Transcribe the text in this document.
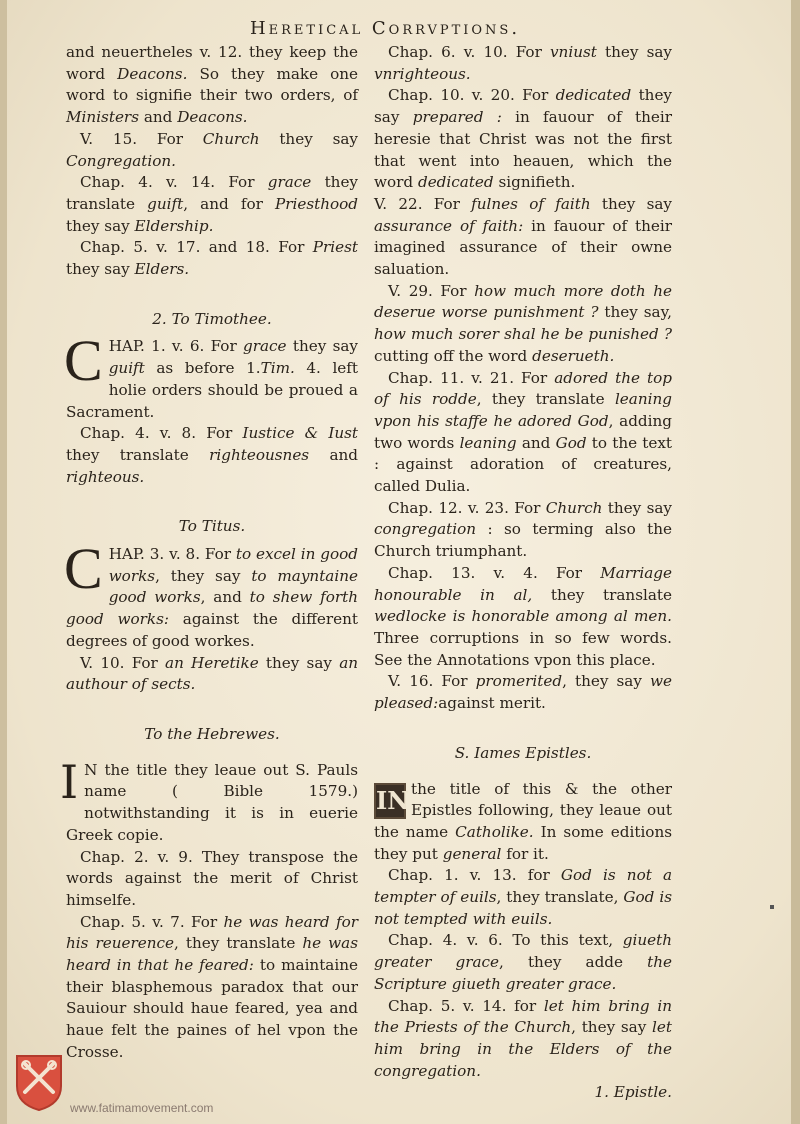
Heretical Corrvptions.

and neuertheles v. 12. they keep the word Deacons. So they make one word to signifie their two orders, of Ministers and Deacons.

V. 15. For Church they say Congregation.

Chap. 4. v. 14. For grace they translate guift, and for Priesthood they say Eldership.

Chap. 5. v. 17. and 18. For Priest they say Elders.

2. To Timothee.

C HAP. 1. v. 6. For grace they say guift as before 1.Tim. 4. left holie orders should be proued a Sacrament.

Chap. 4. v. 8. For Iustice & Iust they translate righteousnes and righteous.

To Titus.

C HAP. 3. v. 8. For to excel in good works, they say to mayntaine good works, and to shew forth good works: against the different degrees of good workes.

V. 10. For an Heretike they say an authour of sects.

To the Hebrewes.

I N the title they leaue out S. Pauls name ( Bible 1579.) notwithstanding it is in euerie Greek copie.

Chap. 2. v. 9. They transpose the words against the merit of Christ himselfe.

Chap. 5. v. 7. For he was heard for his reuerence, they translate he was heard in that he feared: to maintaine their blasphemous paradox that our Sauiour should haue feared, yea and haue felt the paines of hel vpon the Crosse.

Chap. 6. v. 10. For vniust they say vnrighteous.

Chap. 10. v. 20. For dedicated they say prepared : in fauour of their heresie that Christ was not the first that went into heauen, which the word dedicated signifieth.

V. 22. For fulnes of faith they say assurance of faith: in fauour of their imagined assurance of their owne saluation.

V. 29. For how much more doth he deserue worse punishment ? they say, how much sorer shal he be punished ? cutting off the word deserueth.

Chap. 11. v. 21. For adored the top of his rodde, they translate leaning vpon his staffe he adored God, adding two words leaning and God to the text : against adoration of creatures, called Dulia.

Chap. 12. v. 23. For Church they say congregation : so terming also the Church triumphant.

Chap. 13. v. 4. For Marriage honourable in al, they translate wedlocke is honorable among al men. Three corruptions in so few words. See the Annotations vpon this place.

V. 16. For promerited, they say we pleased:against merit.

S. Iames Epistles.

IN the title of this & the other Epistles following, they leaue out the name Catholike. In some editions they put general for it.

Chap. 1. v. 13. for God is not a tempter of euils, they translate, God is not tempted with euils.

Chap. 4. v. 6. To this text, giueth greater grace, they adde the Scripture giueth greater grace.

Chap. 5. v. 14. for let him bring in the Priests of the Church, they say let him bring in the Elders of the congregation.

1. Epistle.

www.fatimamovement.com
